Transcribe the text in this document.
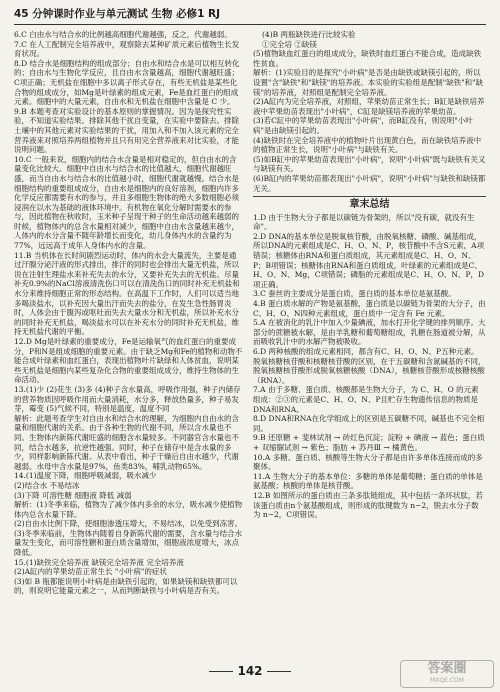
45 分钟课时作业与单元测试 生物 必修1 RJ

6.C 白由水与结合水的比例越高细胞代谢越强，反之，代谢越弱。

7.C 在人工配制完全培养液中，观察除去某种矿质元素后植物生长发育状况。

8.D 结合水是细胞结构的组成部分；自由水和结合水是可以相互转化的；自由水与生物化学反应，且自由水含量越高，细胞代谢越旺盛；C项正确；无机盐在细胞中多以离子形式存在，有些无机盐是某些化合物的组成成分，如Mg是叶绿素的组成元素，Fe是血红蛋白的组成元素。细胞中的大量元素，自由水和无机盐在细胞中含量是 C 少。

9.B 本题考查对实验设计的基本原则的掌握情况。因为是探究性实验，不知道实验结果。排除其他干扰自变量，在实验中要除去。排除土壤中的其他元素对实验结果的干扰，用加入和不加入该元素的完全营养液来对照培养两组植物并且只有用完全营养液来对比实验，才能说明问题。

10.C 一般来说，细胞内的结合水含量是相对稳定的，但自由水的含量变化比较大。细胞中自由水与结合水的比值越大，细胞代谢越旺盛，而当自由水与结合水的比值越小时，细胞代谢就越慢。结合水是细胞结构的重要组成成分，自由水是细胞内的良好溶剂，细胞内许多化学反应都需要有水的参与，并且多细胞生物体的绝大多数细胞必须浸润在以水为基础的液体环境中。有机物在氧化分解时需要水的参与，因此植物在秋收时，玉米种子呈现干种子的生命活动越来越弱的时候，植物体内的总含水量相对减少，细胞中自由水含量越来越少，人体内的水分含量不随年龄增长而变化，幼儿身体内水的含量约为77%，远远高于成年人身体内水的含量。

11.B 当机体在长时间剧烈运动时，体内的水会大量流失，主要是通过汗腺分泌汗液的形式排出，排汗的同时也会排出大量无机盐，所以说在注射生理盐水来补充失去的水分，又要补充失去的无机盐。尽量补充0.9%的NaCl溶液清洗伤口可以在清洗伤口的同时补充无机盐和水分来维持细胞正常的形态结构。在高温下工作时，人们可以适当地多喝淡盐水，以补充因大量出汗而失去的盐分，在发生急性肠胃炎时，人体会由于腹泻或呕吐而失去大量水分和无机盐，所以补充水分的同时补充无机盐，喝淡盐水可以在补充水分的同时补充无机盐，维持无机盐代谢的平衡。

12.D Mg是叶绿素的重要成分，Fe是运输氧气的血红蛋白的重要成分，P和N是组成细胞的重要元素。由于缺乏Mg和Fe的植物和动物不能合成叶绿素和血红蛋白，表现出植物叶片缺绿和人体贫血，说明某些无机盐是细胞内某些复杂化合物的重要组成成分，维持生物体的生命活动。

13.(1)少 (2)花生 (3)多 (4)种子含水量高，呼吸作用强，种子内储存的营养物质因呼吸作用而大量消耗，水分多，释放热量多，种子易发芽，霉变 (5)气候不同，特别是温度，温度不同

解析：此题考查学生对自由水和结合水的理解，为细胞内自由水的含量和细胞代谢的关系。由于各种生物的代谢不同，所以含水量也不同。生物体内新陈代谢旺盛的细胞含水量较多。不同器官含水量也不同，结合水越多，抗逆性越强。同时，种子在储存中是含水量的多少，同样影响新陈代谢。从表中看出，种子干燥后自由水越少，代谢越弱。水母中含水量是97%，鱼类83%，哺乳动物65%。

14.(1)温度下降，细胞呼吸减弱，吸水减少

(2)结合水 不易结冰

(3)下降 可溶性糖 细胞液 降低 减弱

解析：(1)冬季来临，植物为了减少体内多余的水分，吸水减少使植物体内总含水量下降。

(2)自由水比例下降，使细胞渗透压增大，不易结冰，以免受到冻害。

(3)冬季来临前，生物体内随着自身新陈代谢的需要，含水量与结合水量发生变化，而可溶性糖和蛋白质含量增加，细胞液浓度增大，冰点降低。

15.(1)缺铁完全培养液 缺镁完全培养液 完全培养液

(2)A缸内的苹果幼苗正常生长 "小叶病"的症状

(3)如 B 瓶都能说明小叶病是由缺铁引起的，如果缺镁和缺铁都可以的，则说明它能量元素之一，从而判断缺铁与小叶病是否有关。

(4)B 两瓶缺铁进行比较实验

①完全培 ②缺镁

(5)植物缺血红蛋白的组成成分，缺铁时血红蛋白不能合成，造成缺铁性贫血。

解析：(1)实验目的是探究"小叶病"是否是由缺铁或缺镁引起的，所以设置"含"缺铁"和"缺镁"的培养液。本实验的实验组是配制"缺铁"和"缺镁"的培养液，对照组是配制完全培养液。

(2)A缸内为完全培养液，对照组，苹果幼苗正常生长；B缸是缺铁培养液中苹果幼苗表现出"小叶病"，C缸是缺镁培养液的苹果幼苗。

(3)若C缸中的苹果幼苗表现出"小叶病"，而B缸没有，则说明"小叶病"是由缺镁引起的。

(4)缺铁时在完全培养液中的植物叶片出现黄白色，而在缺铁培养液中的植物正常生长，说明"小叶病"与缺铁有关。

(5)如B缸中的苹果幼苗表现出"小叶病"，说明"小叶病"既与缺铁有关又与缺镁有关。

(6)B缸内的苹果幼苗都表现出"小叶病"，说明"小叶病"与缺铁和缺镁都无关。

章末总结

1.D 由于生物大分子都是以碳链为骨架的，所以"没有碳，就没有生命"。

2.D DNA的基本单位是脱氧核苷酸，由脱氧核糖、磷酸、碱基组成，所以DNA的元素组成是C、H、O、N、P，核苷酸中不含S元素，A项错误；核糖体由RNA和蛋白质组成，其元素组成是C、H、O、N、P；B项错误；核糖体由RNA和蛋白质组成，叶绿素的元素组成是C、H、O、N、Mg，C项错误；磷脂的元素组成是C、H、O、N、P，D项正确。

3.C 蚕丝的主要成分是蛋白质，蛋白质的基本单位是氨基酸。

4.B 蛋白质水解的产物是氨基酸，蛋白质是以碳链为骨架的大分子，由C、H、O、N四种元素组成，蛋白质中一定含有 Fe 元素。

5.A 在被消化的乳汁中加入少量碘液，加水打开化学键的排列顺序。大部分的蔗糖被水解，是由羊乳糖和葡萄糖组成，乳糖在肠道被分解，从而吸收乳汁中的水解产物被吸收。

6.D 两种核酸的组成元素相同，都含有C、H、O、N、P五种元素。脱氧核糖核苷酸和核糖核苷酸的区别，在于五碳糖和含氮碱基的不同，脱氧核糖核苷酸形成脱氧核糖核酸（DNA），核糖核苷酸形成核糖核酸（RNA）。

7.A 由于多糖、蛋白质、核酸都是生物大分子，为 C、H、O 的元素组成：②③的元素是C、H、O、N、P且贮存生物遗传信息的物质是DNA和RNA。

8.D DNA和RNA在化学组成上的区别是五碳糖不同，碱基也不完全相同。

9.B 还原糖 + 斐林试剂 → 砖红色沉淀；淀粉 + 碘液 → 蓝色；蛋白质 + 双缩脲试剂 → 紫色；脂肪 + 苏丹Ⅲ → 橘黄色。

10.A 多糖、蛋白质、核酸等生物大分子都是由许多单体连接而成的多聚体。

11.A 生物大分子的基本单位：多糖的单体是葡萄糖；蛋白质的单体是氨基酸；核酸的单体是核苷酸。

12.B 如图所示的蛋白质由三条多肽链组成，其中包括一条环状肽，若该蛋白质由n个氨基酸组成，则形成的肽键数为 n−2，脱去水分子数为 n−2，C项错误。

142	答案圈
MXQE.COM
